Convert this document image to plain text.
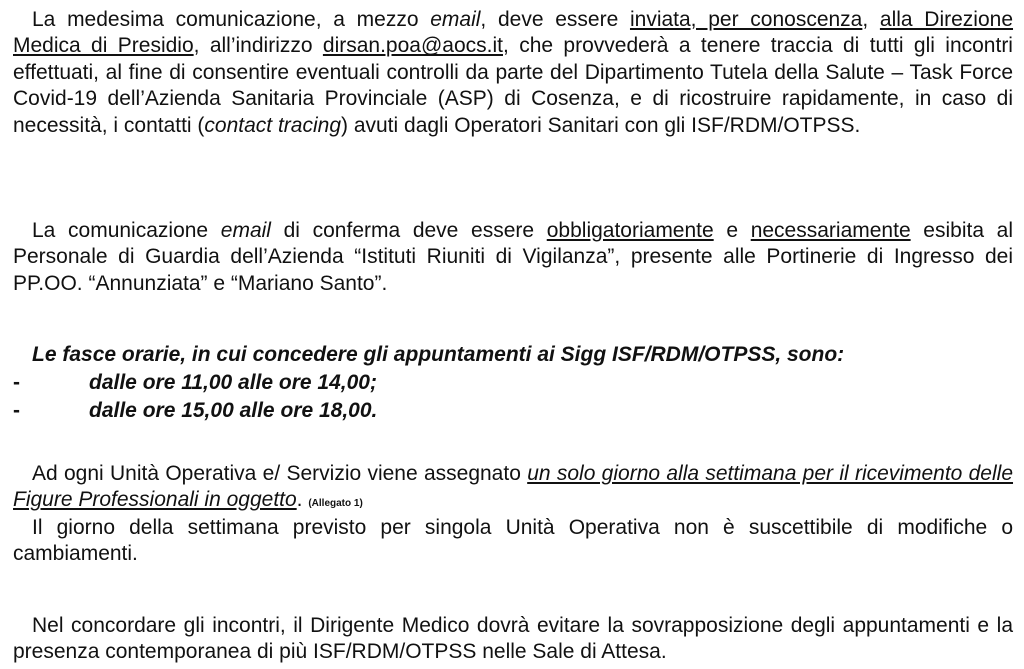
La medesima comunicazione, a mezzo email, deve essere inviata, per conoscenza, alla Direzione Medica di Presidio, all’indirizzo dirsan.poa@aocs.it, che provvederà a tenere traccia di tutti gli incontri effettuati, al fine di consentire eventuali controlli da parte del Dipartimento Tutela della Salute – Task Force Covid-19 dell’Azienda Sanitaria Provinciale (ASP) di Cosenza, e di ricostruire rapidamente, in caso di necessità, i contatti (contact tracing) avuti dagli Operatori Sanitari con gli ISF/RDM/OTPSS.

La comunicazione email di conferma deve essere obbligatoriamente e necessariamente esibita al Personale di Guardia dell’Azienda “Istituti Riuniti di Vigilanza”, presente alle Portinerie di Ingresso dei PP.OO. “Annunziata” e “Mariano Santo”.

Le fasce orarie, in cui concedere gli appuntamenti ai Sigg ISF/RDM/OTPSS, sono:
-	dalle ore 11,00 alle ore 14,00;
-	dalle ore 15,00 alle ore 18,00.

Ad ogni Unità Operativa e/ Servizio viene assegnato un solo giorno alla settimana per il ricevimento delle Figure Professionali in oggetto. (Allegato 1)

Il giorno della settimana previsto per singola Unità Operativa non è suscettibile di modifiche o cambiamenti.

Nel concordare gli incontri, il Dirigente Medico dovrà evitare la sovrapposizione degli appuntamenti e la presenza contemporanea di più ISF/RDM/OTPSS nelle Sale di Attesa.
